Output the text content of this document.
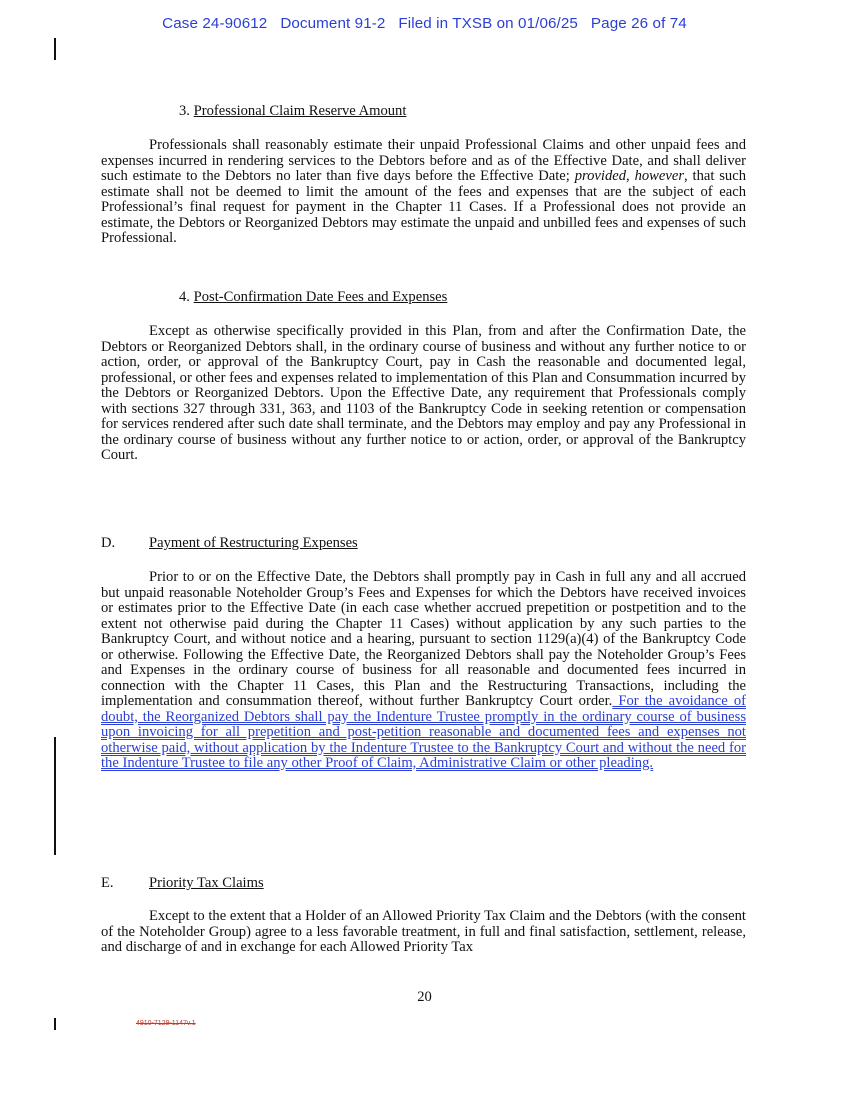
Case 24-90612 Document 91-2 Filed in TXSB on 01/06/25 Page 26 of 74
3. Professional Claim Reserve Amount

Professionals shall reasonably estimate their unpaid Professional Claims and other unpaid fees and expenses incurred in rendering services to the Debtors before and as of the Effective Date, and shall deliver such estimate to the Debtors no later than five days before the Effective Date; provided, however, that such estimate shall not be deemed to limit the amount of the fees and expenses that are the subject of each Professional’s final request for payment in the Chapter 11 Cases. If a Professional does not provide an estimate, the Debtors or Reorganized Debtors may estimate the unpaid and unbilled fees and expenses of such Professional.

4. Post-Confirmation Date Fees and Expenses

Except as otherwise specifically provided in this Plan, from and after the Confirmation Date, the Debtors or Reorganized Debtors shall, in the ordinary course of business and without any further notice to or action, order, or approval of the Bankruptcy Court, pay in Cash the reasonable and documented legal, professional, or other fees and expenses related to implementation of this Plan and Consummation incurred by the Debtors or Reorganized Debtors. Upon the Effective Date, any requirement that Professionals comply with sections 327 through 331, 363, and 1103 of the Bankruptcy Code in seeking retention or compensation for services rendered after such date shall terminate, and the Debtors may employ and pay any Professional in the ordinary course of business without any further notice to or action, order, or approval of the Bankruptcy Court.

D. Payment of Restructuring Expenses

Prior to or on the Effective Date, the Debtors shall promptly pay in Cash in full any and all accrued but unpaid reasonable Noteholder Group’s Fees and Expenses for which the Debtors have received invoices or estimates prior to the Effective Date (in each case whether accrued prepetition or postpetition and to the extent not otherwise paid during the Chapter 11 Cases) without application by any such parties to the Bankruptcy Court, and without notice and a hearing, pursuant to section 1129(a)(4) of the Bankruptcy Code or otherwise. Following the Effective Date, the Reorganized Debtors shall pay the Noteholder Group’s Fees and Expenses in the ordinary course of business for all reasonable and documented fees incurred in connection with the Chapter 11 Cases, this Plan and the Restructuring Transactions, including the implementation and consummation thereof, without further Bankruptcy Court order. For the avoidance of doubt, the Reorganized Debtors shall pay the Indenture Trustee promptly in the ordinary course of business upon invoicing for all prepetition and post-petition reasonable and documented fees and expenses not otherwise paid, without application by the Indenture Trustee to the Bankruptcy Court and without the need for the Indenture Trustee to file any other Proof of Claim, Administrative Claim or other pleading.

E. Priority Tax Claims

Except to the extent that a Holder of an Allowed Priority Tax Claim and the Debtors (with the consent of the Noteholder Group) agree to a less favorable treatment, in full and final satisfaction, settlement, release, and discharge of and in exchange for each Allowed Priority Tax

20
4910-7129-1147v.1
